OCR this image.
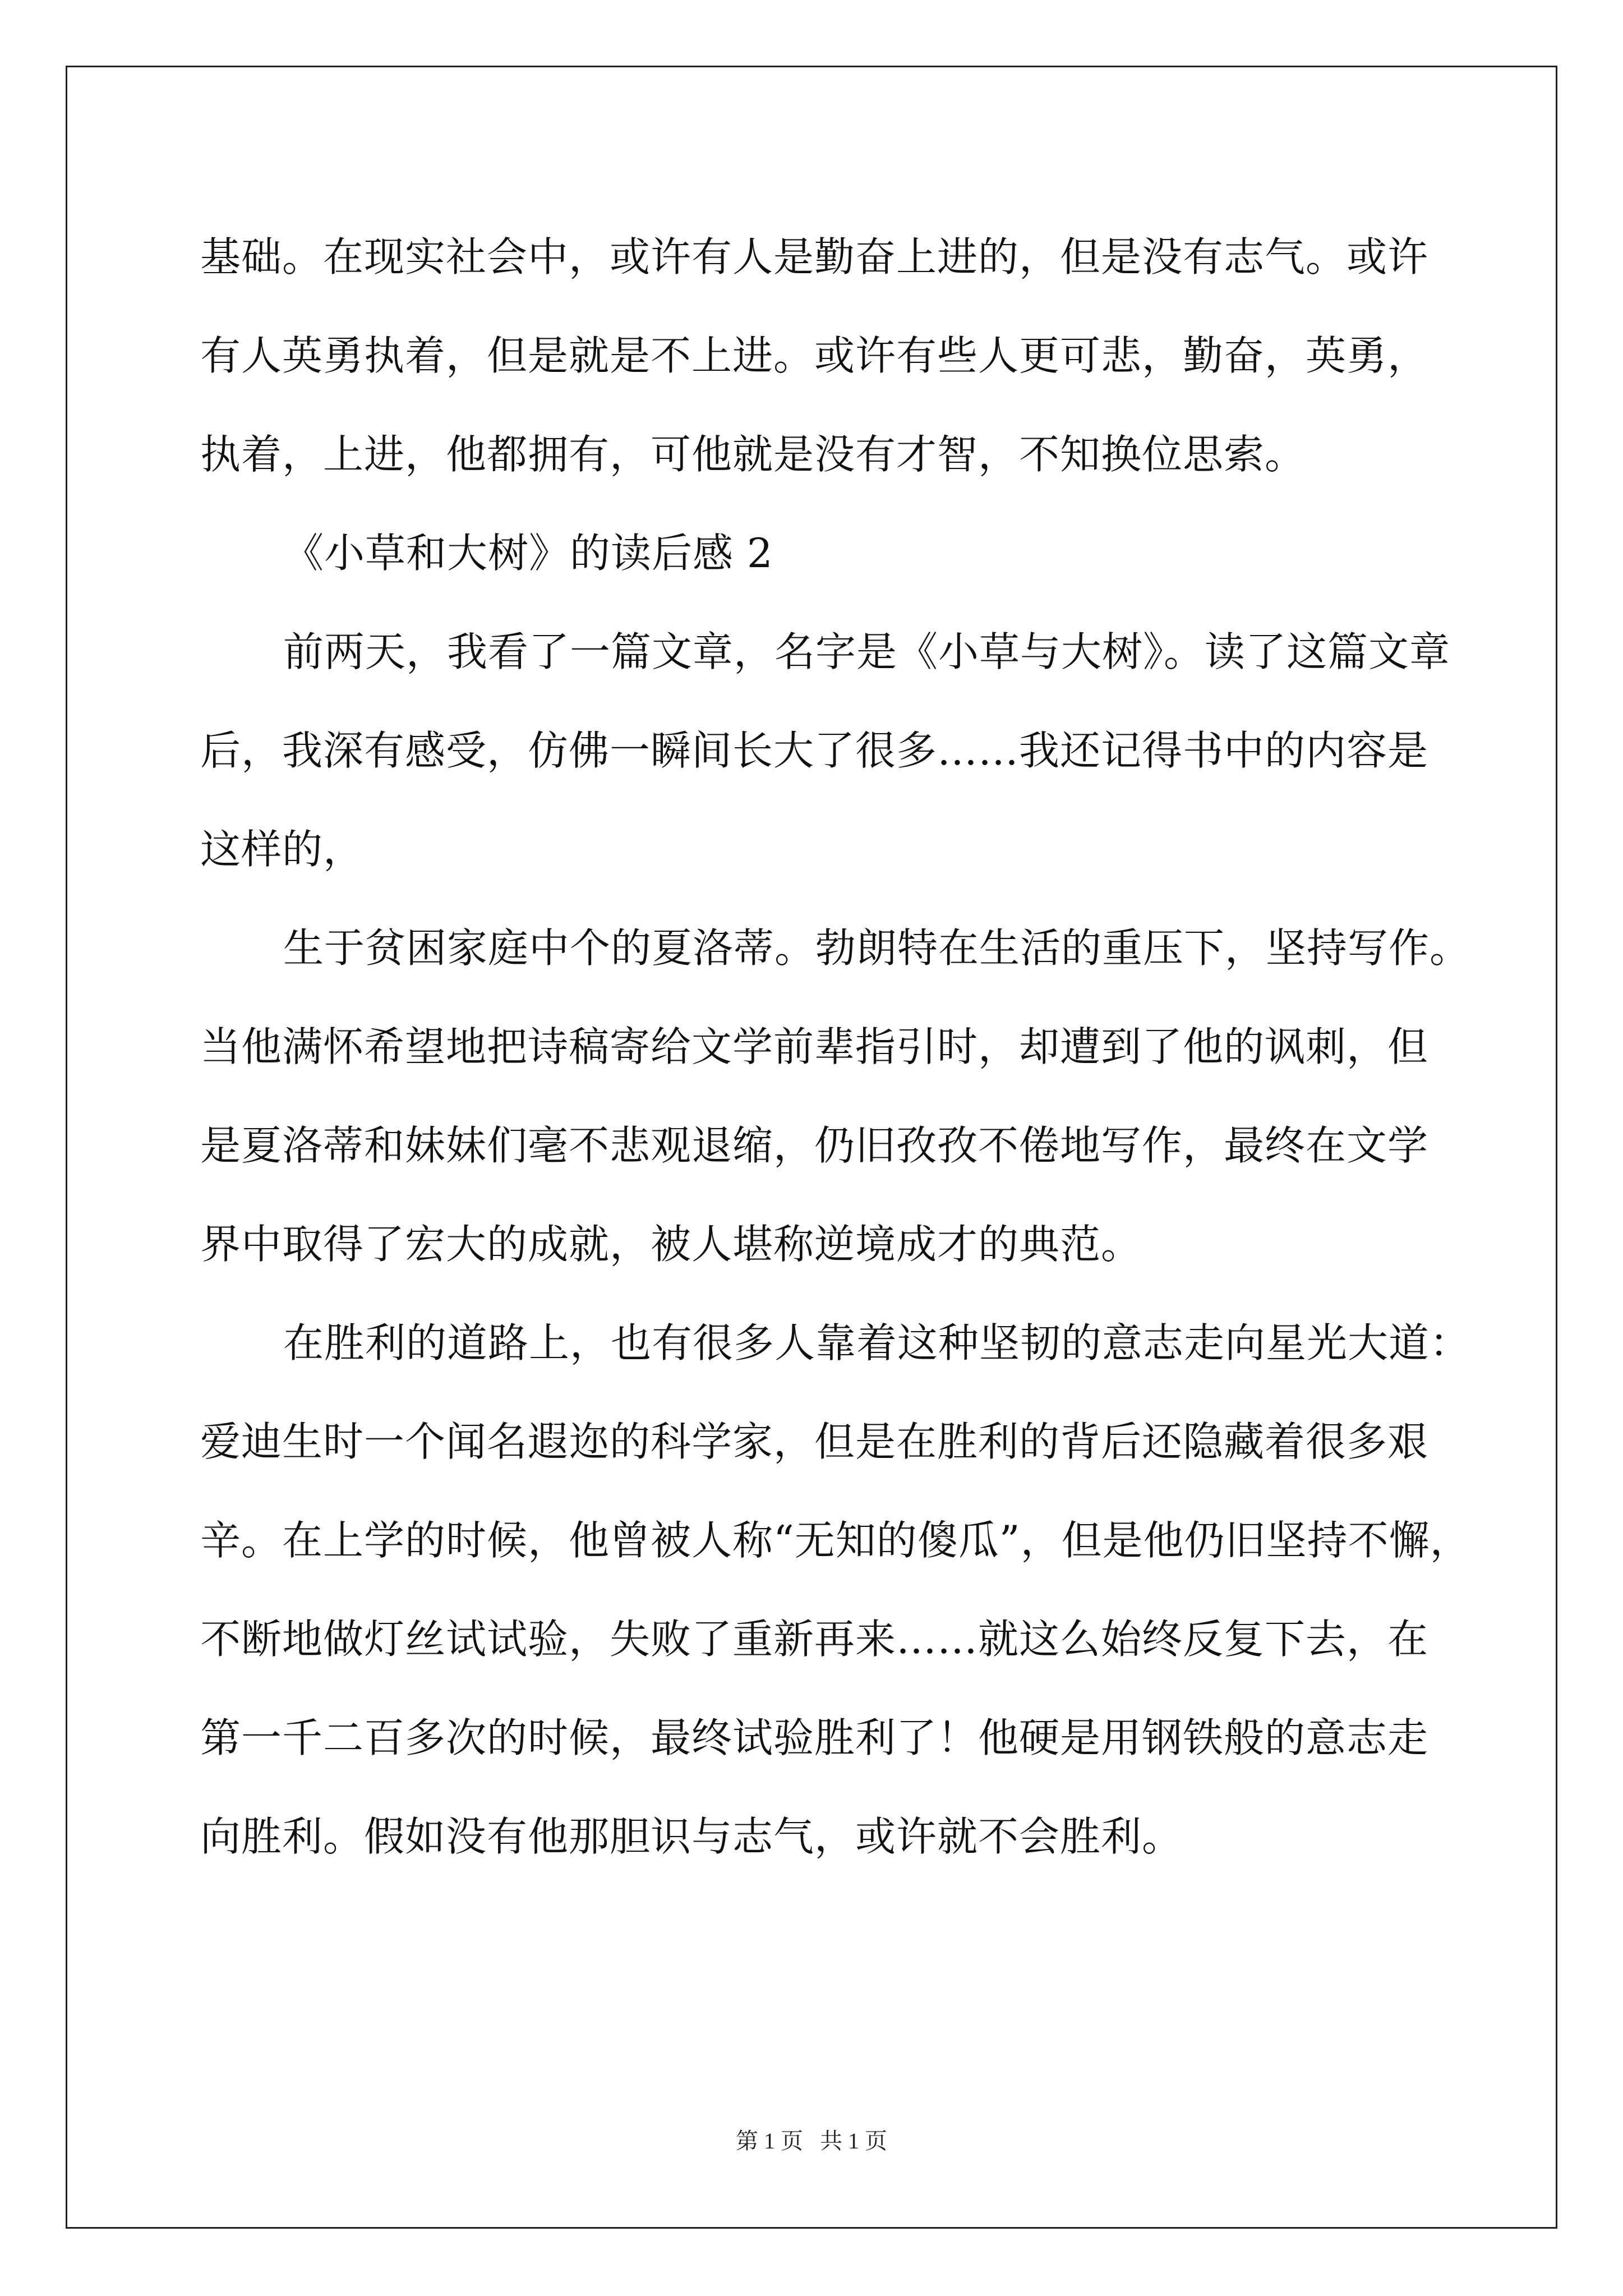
基础。在现实社会中，或许有人是勤奋上进的，但是没有志气。或许
有人英勇执着，但是就是不上进。或许有些人更可悲，勤奋，英勇，
执着，上进，他都拥有，可他就是没有才智，不知换位思索。
《小草和大树》的读后感 2
前两天，我看了一篇文章，名字是《小草与大树》。读了这篇文章
后，我深有感受，仿佛一瞬间长大了很多……我还记得书中的内容是
这样的，
生于贫困家庭中个的夏洛蒂。勃朗特在生活的重压下，坚持写作。
当他满怀希望地把诗稿寄给文学前辈指引时，却遭到了他的讽刺，但
是夏洛蒂和妹妹们毫不悲观退缩，仍旧孜孜不倦地写作，最终在文学
界中取得了宏大的成就，被人堪称逆境成才的典范。
在胜利的道路上，也有很多人靠着这种坚韧的意志走向星光大道：
爱迪生时一个闻名遐迩的科学家，但是在胜利的背后还隐藏着很多艰
辛。在上学的时候，他曾被人称“无知的傻瓜”，但是他仍旧坚持不懈，
不断地做灯丝试试验，失败了重新再来……就这么始终反复下去，在
第一千二百多次的时候，最终试验胜利了！他硬是用钢铁般的意志走
向胜利。假如没有他那胆识与志气，或许就不会胜利。
第 1 页 共 1 页
